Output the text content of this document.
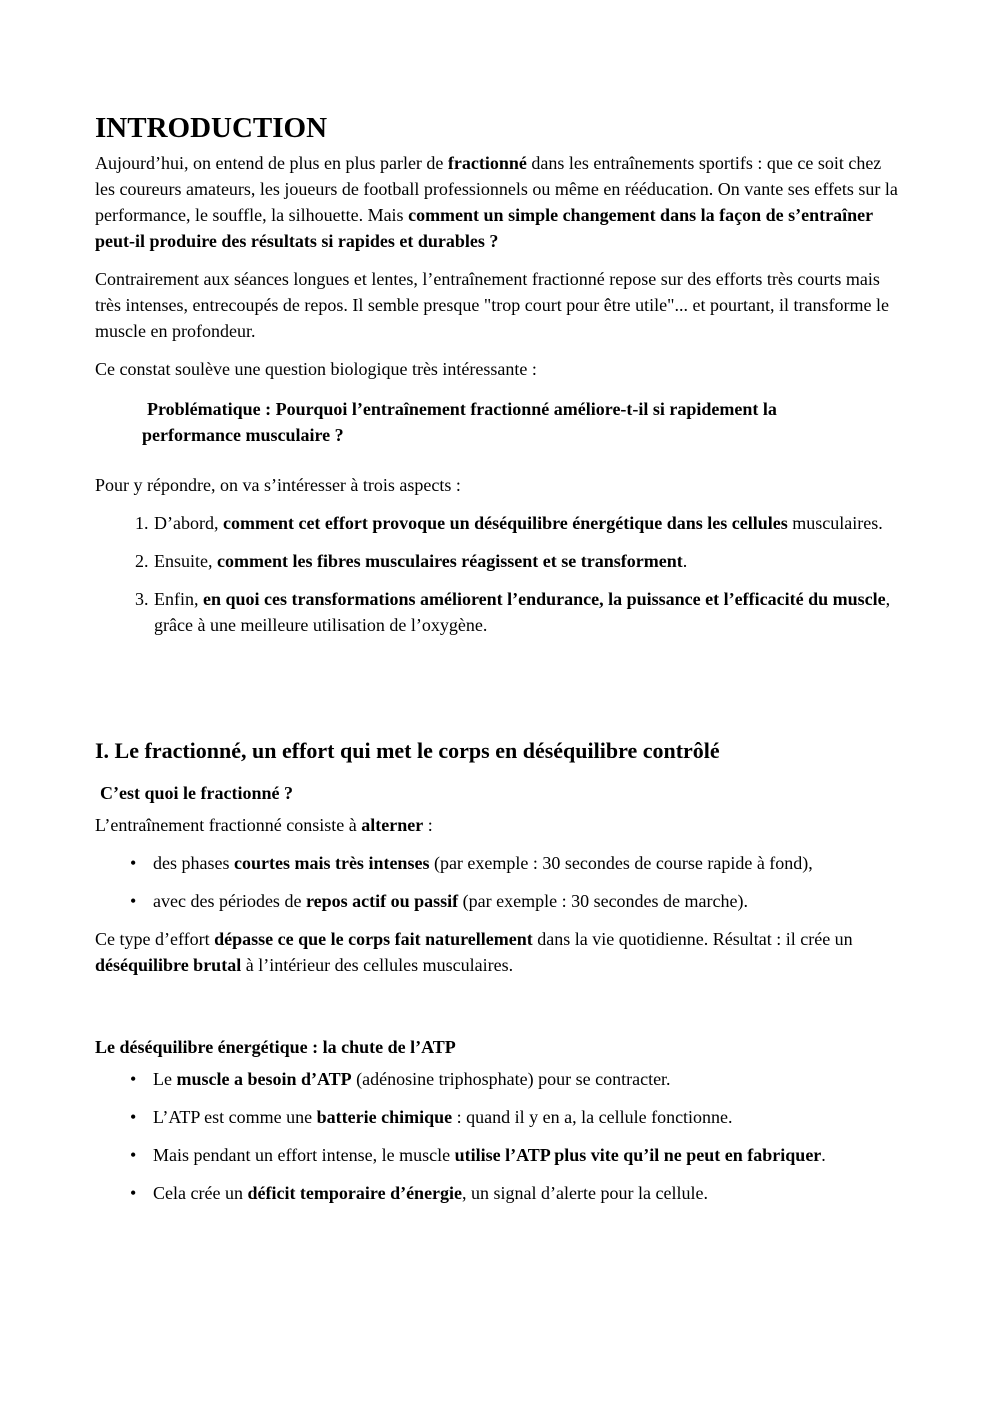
INTRODUCTION

Aujourd’hui, on entend de plus en plus parler de fractionné dans les entraînements sportifs : que ce soit chez les coureurs amateurs, les joueurs de football professionnels ou même en rééducation. On vante ses effets sur la performance, le souffle, la silhouette. Mais comment un simple changement dans la façon de s’entraîner peut-il produire des résultats si rapides et durables ?

Contrairement aux séances longues et lentes, l’entraînement fractionné repose sur des efforts très courts mais très intenses, entrecoupés de repos. Il semble presque "trop court pour être utile"... et pourtant, il transforme le muscle en profondeur.

Ce constat soulève une question biologique très intéressante :

Problématique : Pourquoi l’entraînement fractionné améliore-t-il si rapidement la performance musculaire ?

Pour y répondre, on va s’intéresser à trois aspects :

1. D’abord, comment cet effort provoque un déséquilibre énergétique dans les cellules musculaires.
2. Ensuite, comment les fibres musculaires réagissent et se transforment.
3. Enfin, en quoi ces transformations améliorent l’endurance, la puissance et l’efficacité du muscle, grâce à une meilleure utilisation de l’oxygène.
I. Le fractionné, un effort qui met le corps en déséquilibre contrôlé
C’est quoi le fractionné ?

L’entraînement fractionné consiste à alterner :

• des phases courtes mais très intenses (par exemple : 30 secondes de course rapide à fond),
• avec des périodes de repos actif ou passif (par exemple : 30 secondes de marche).

Ce type d’effort dépasse ce que le corps fait naturellement dans la vie quotidienne. Résultat : il crée un déséquilibre brutal à l’intérieur des cellules musculaires.

Le déséquilibre énergétique : la chute de l’ATP
• Le muscle a besoin d’ATP (adénosine triphosphate) pour se contracter.
• L’ATP est comme une batterie chimique : quand il y en a, la cellule fonctionne.
• Mais pendant un effort intense, le muscle utilise l’ATP plus vite qu’il ne peut en fabriquer.
• Cela crée un déficit temporaire d’énergie, un signal d’alerte pour la cellule.
